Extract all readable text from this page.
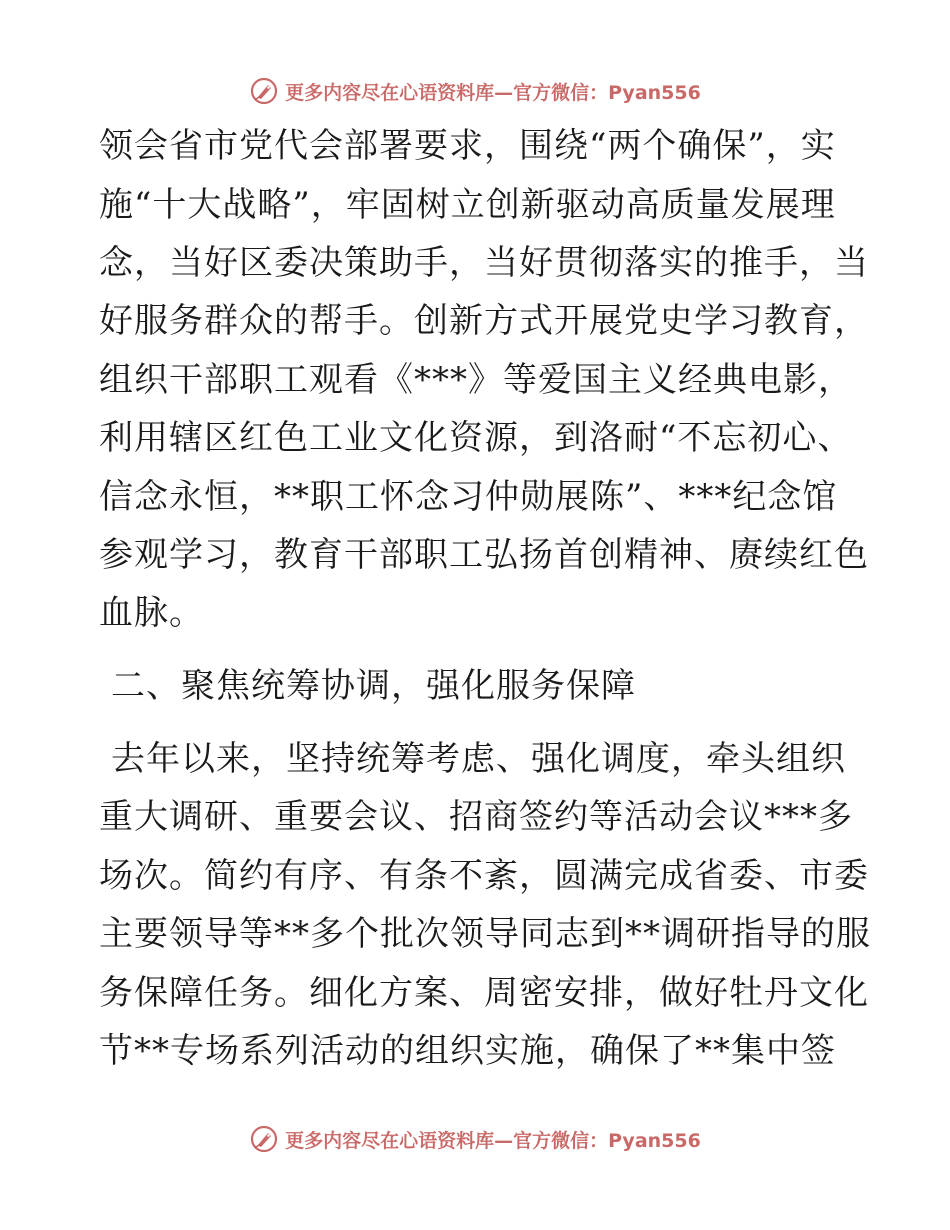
更多内容尽在心语资料库—官方微信：Pyan556
领会省市党代会部署要求，围绕“两个确保”，实
施“十大战略”，牢固树立创新驱动高质量发展理
念，当好区委决策助手，当好贯彻落实的推手，当
好服务群众的帮手。创新方式开展党史学习教育，
组织干部职工观看《***》等爱国主义经典电影，
利用辖区红色工业文化资源，到洛耐“不忘初心、
信念永恒，**职工怀念习仲勋展陈”、***纪念馆
参观学习，教育干部职工弘扬首创精神、赓续红色
血脉。
二、聚焦统筹协调，强化服务保障
去年以来，坚持统筹考虑、强化调度，牵头组织
重大调研、重要会议、招商签约等活动会议***多
场次。简约有序、有条不紊，圆满完成省委、市委
主要领导等**多个批次领导同志到**调研指导的服
务保障任务。细化方案、周密安排，做好牡丹文化
节**专场系列活动的组织实施，确保了**集中签
更多内容尽在心语资料库—官方微信：Pyan556
